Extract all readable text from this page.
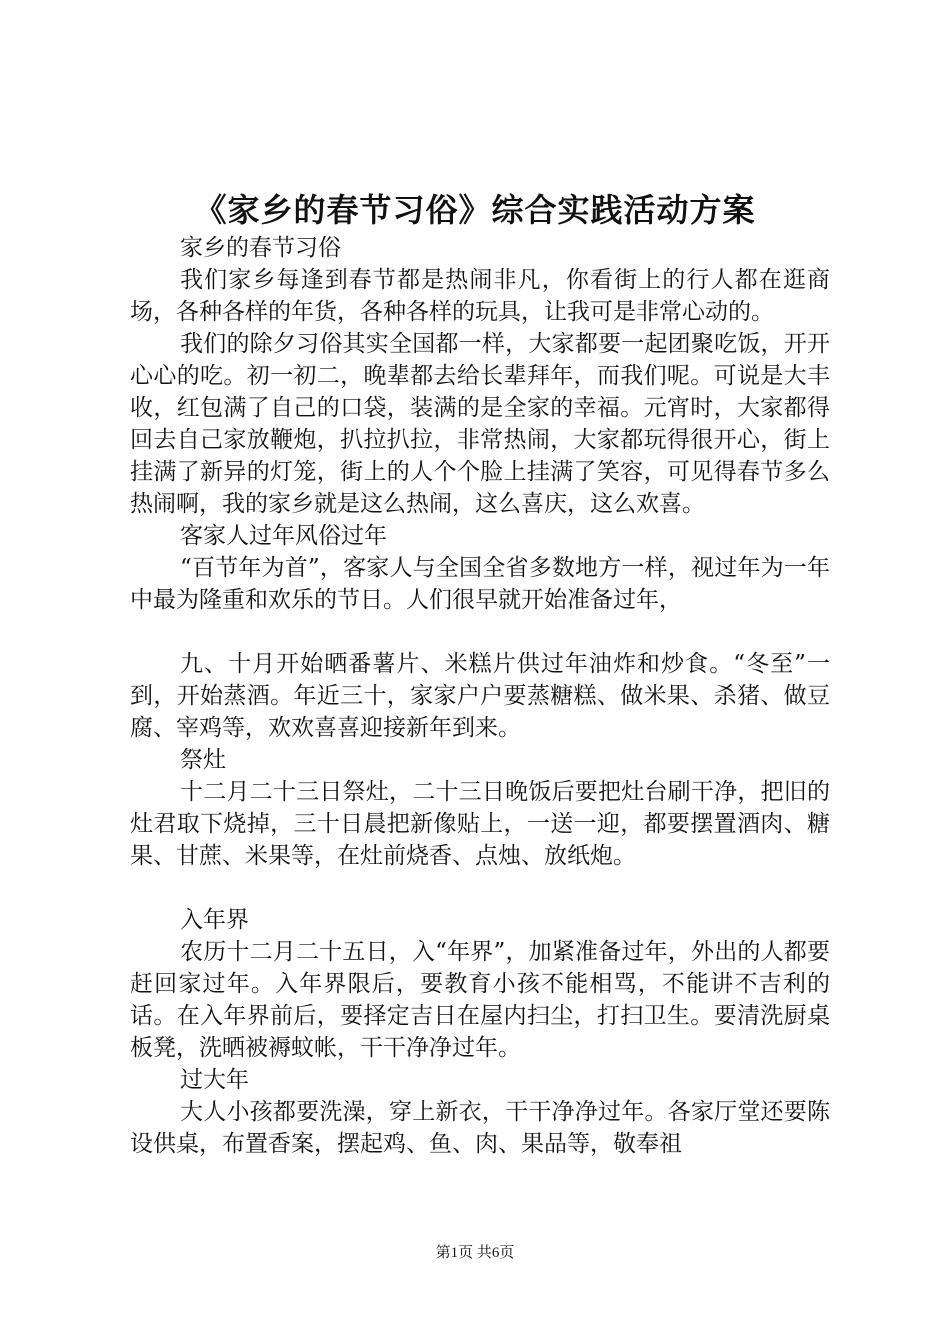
《家乡的春节习俗》综合实践活动方案
家乡的春节习俗
我们家乡每逢到春节都是热闹非凡，你看街上的行人都在逛商场，各种各样的年货，各种各样的玩具，让我可是非常心动的。
我们的除夕习俗其实全国都一样，大家都要一起团聚吃饭，开开心心的吃。初一初二，晚辈都去给长辈拜年，而我们呢。可说是大丰收，红包满了自己的口袋，装满的是全家的幸福。元宵时，大家都得回去自己家放鞭炮，扒拉扒拉，非常热闹，大家都玩得很开心，街上挂满了新异的灯笼，街上的人个个脸上挂满了笑容，可见得春节多么热闹啊，我的家乡就是这么热闹，这么喜庆，这么欢喜。
客家人过年风俗过年
“百节年为首”，客家人与全国全省多数地方一样，视过年为一年中最为隆重和欢乐的节日。人们很早就开始准备过年，
九、十月开始晒番薯片、米糕片供过年油炸和炒食。“冬至”一到，开始蒸酒。年近三十，家家户户要蒸糖糕、做米果、杀猪、做豆腐、宰鸡等，欢欢喜喜迎接新年到来。
祭灶
十二月二十三日祭灶，二十三日晚饭后要把灶台刷干净，把旧的灶君取下烧掉，三十日晨把新像贴上，一送一迎，都要摆置酒肉、糖果、甘蔗、米果等，在灶前烧香、点烛、放纸炮。
入年界
农历十二月二十五日，入“年界”，加紧准备过年，外出的人都要赶回家过年。入年界限后，要教育小孩不能相骂，不能讲不吉利的话。在入年界前后，要择定吉日在屋内扫尘，打扫卫生。要清洗厨桌板凳，洗晒被褥蚊帐，干干净净过年。
过大年
大人小孩都要洗澡，穿上新衣，干干净净过年。各家厅堂还要陈设供桌，布置香案，摆起鸡、鱼、肉、果品等，敬奉祖
第1页 共6页
